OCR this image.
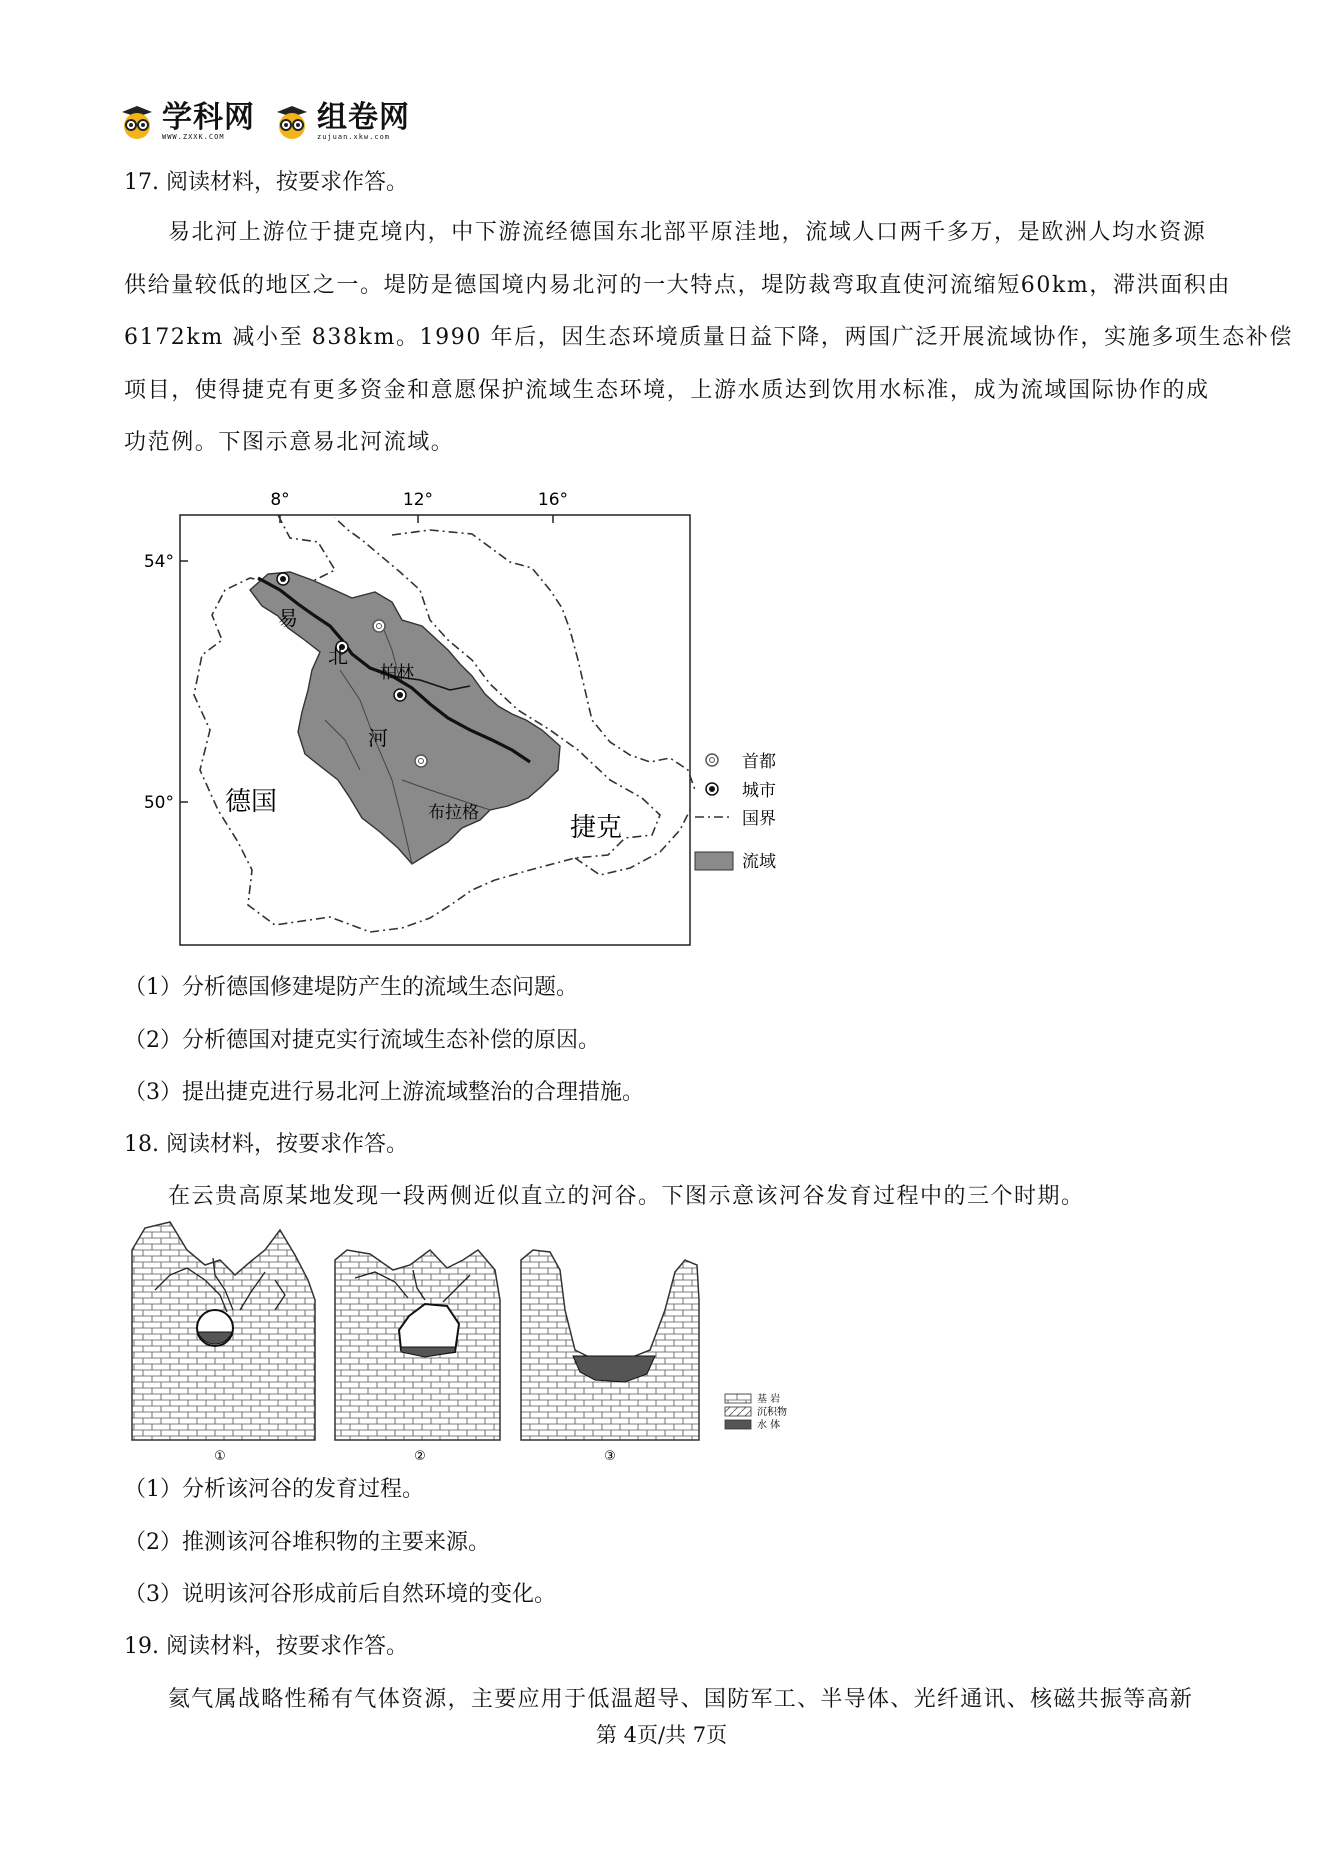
学科网
WWW.ZXXK.COM
组卷网
zujuan.xkw.com
17. 阅读材料，按要求作答。
易北河上游位于捷克境内，中下游流经德国东北部平原洼地，流域人口两千多万，是欧洲人均水资源
供给量较低的地区之一。堤防是德国境内易北河的一大特点，堤防裁弯取直使河流缩短60km，滞洪面积由
6172km 减小至 838km。1990 年后，因生态环境质量日益下降，两国广泛开展流域协作，实施多项生态补偿
项目，使得捷克有更多资金和意愿保护流域生态环境，上游水质达到饮用水标准，成为流域国际协作的成
功范例。下图示意易北河流域。
8°	12°	16°
54°
50°
易
北
河
柏林
布拉格
德国
捷克
首都
城市
国界
流域
（1）分析德国修建堤防产生的流域生态问题。
（2）分析德国对捷克实行流域生态补偿的原因。
（3）提出捷克进行易北河上游流域整治的合理措施。
18. 阅读材料，按要求作答。
在云贵高原某地发现一段两侧近似直立的河谷。下图示意该河谷发育过程中的三个时期。
①	②	③
基 岩
沉积物
水 体
（1）分析该河谷的发育过程。
（2）推测该河谷堆积物的主要来源。
（3）说明该河谷形成前后自然环境的变化。
19. 阅读材料，按要求作答。
氦气属战略性稀有气体资源，主要应用于低温超导、国防军工、半导体、光纤通讯、核磁共振等高新
第 4页/共 7页
